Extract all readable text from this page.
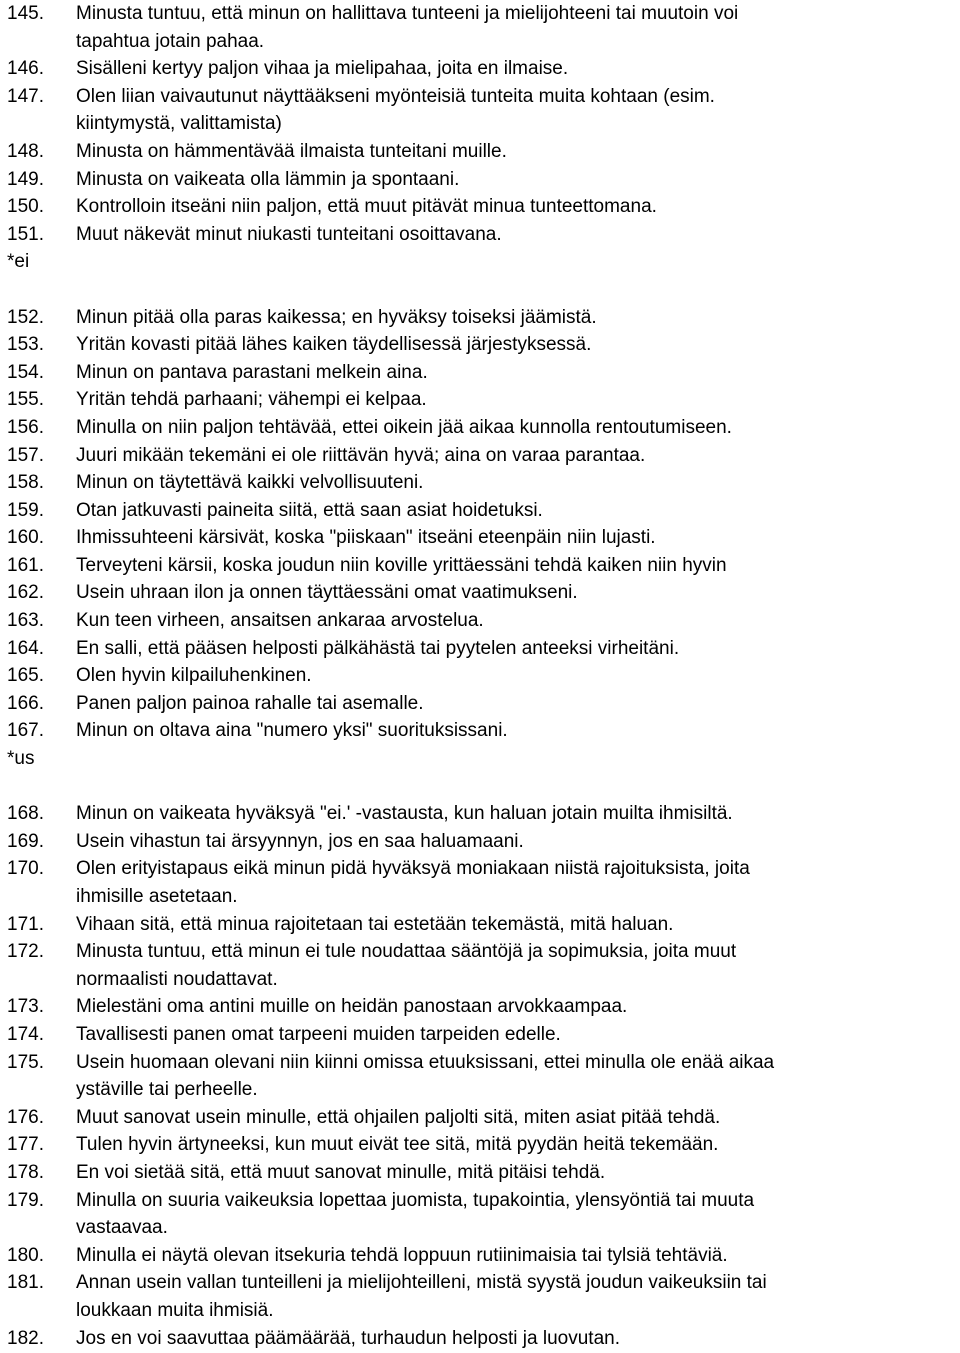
145.	Minusta tuntuu, että minun on hallittava tunteeni ja mielijohteeni tai muutoin voi
tapahtua jotain pahaa.
146.	Sisälleni kertyy paljon vihaa ja mielipahaa, joita en ilmaise.
147.	Olen liian vaivautunut näyttääkseni myönteisiä tunteita muita kohtaan (esim.
kiintymystä, valittamista)
148.	Minusta on hämmentävää ilmaista tunteitani muille.
149.	Minusta on vaikeata olla lämmin ja spontaani.
150.	Kontrolloin itseäni niin paljon, että muut pitävät minua tunteettomana.
151.	Muut näkevät minut niukasti tunteitani osoittavana.
*ei
152.	Minun pitää olla paras kaikessa; en hyväksy toiseksi jäämistä.
153.	Yritän kovasti pitää lähes kaiken täydellisessä järjestyksessä.
154.	Minun on pantava parastani melkein aina.
155.	Yritän tehdä parhaani; vähempi ei kelpaa.
156.	Minulla on niin paljon tehtävää, ettei oikein jää aikaa kunnolla rentoutumiseen.
157.	Juuri mikään tekemäni ei ole riittävän hyvä; aina on varaa parantaa.
158.	Minun on täytettävä kaikki velvollisuuteni.
159.	Otan jatkuvasti paineita siitä, että saan asiat hoidetuksi.
160.	Ihmissuhteeni kärsivät, koska "piiskaan" itseäni eteenpäin niin lujasti.
161.	Terveyteni kärsii, koska joudun niin koville yrittäessäni tehdä kaiken niin hyvin
162.	Usein uhraan ilon ja onnen täyttäessäni omat vaatimukseni.
163.	Kun teen virheen, ansaitsen ankaraa arvostelua.
164.	En salli, että pääsen helposti pälkähästä tai pyytelen anteeksi virheitäni.
165.	Olen hyvin kilpailuhenkinen.
166.	Panen paljon painoa rahalle tai asemalle.
167.	Minun on oltava aina "numero yksi" suorituksissani.
*us
168.	Minun on vaikeata hyväksyä "ei.' -vastausta, kun haluan jotain muilta ihmisiltä.
169.	Usein vihastun tai ärsyynnyn, jos en saa haluamaani.
170.	Olen erityistapaus eikä minun pidä hyväksyä moniakaan niistä rajoituksista, joita
ihmisille asetetaan.
171.	Vihaan sitä, että minua rajoitetaan tai estetään tekemästä, mitä haluan.
172.	Minusta tuntuu, että minun ei tule noudattaa sääntöjä ja sopimuksia, joita muut
normaalisti noudattavat.
173.	Mielestäni oma antini muille on heidän panostaan arvokkaampaa.
174.	Tavallisesti panen omat tarpeeni muiden tarpeiden edelle.
175.	Usein huomaan olevani niin kiinni omissa etuuksissani, ettei minulla ole enää aikaa
ystäville tai perheelle.
176.	Muut sanovat usein minulle, että ohjailen paljolti sitä, miten asiat pitää tehdä.
177.	Tulen hyvin ärtyneeksi, kun muut eivät tee sitä, mitä pyydän heitä tekemään.
178.	En voi sietää sitä, että muut sanovat minulle, mitä pitäisi tehdä.
179.	Minulla on suuria vaikeuksia lopettaa juomista, tupakointia, ylensyöntiä tai muuta
vastaavaa.
180.	Minulla ei näytä olevan itsekuria tehdä loppuun rutiinimaisia tai tylsiä tehtäviä.
181.	Annan usein vallan tunteilleni ja mielijohteilleni, mistä syystä joudun vaikeuksiin tai
loukkaan muita ihmisiä.
182.	Jos en voi saavuttaa päämäärää, turhaudun helposti ja luovutan.
